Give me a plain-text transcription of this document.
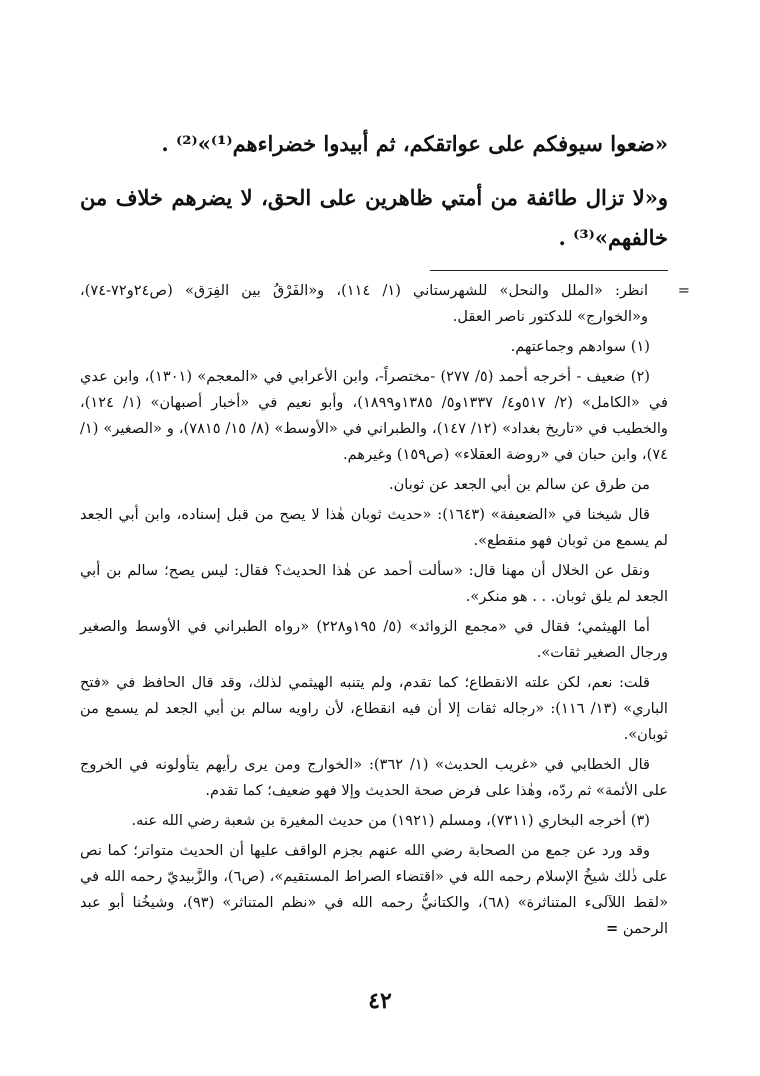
«ضعوا سيوفكم على عواتقكم، ثم أبيدوا خضراءهم⁽¹⁾»⁽²⁾ .

و«لا تزال طائفة من أمتي ظاهرين على الحق، لا يضرهم خلاف من خالفهم»⁽³⁾ .

=
انظر: «الملل والنحل» للشهرستاني (١/ ١١٤)، و«الفَرْقُ بين الفِرَق» (ص٢٤و٧٢-٧٤)، و«الخوارج» للدكتور ناصر العقل.

(١) سوادهم وجماعتهم.

(٢) ضعيف - أخرجه أحمد (٥/ ٢٧٧) -مختصراً-، وابن الأعرابي في «المعجم» (١٣٠١)، وابن عدي في «الكامل» (٢/ ٥١٧و٤/ ١٣٣٧و٥/ ١٣٨٥و١٨٩٩)، وأبو نعيم في «أخبار أصبهان» (١/ ١٢٤)، والخطيب في «تاريخ بغداد» (١٢/ ١٤٧)، والطبراني في «الأوسط» (٨/ ١٥/ ٧٨١٥)، و «الصغير» (١/ ٧٤)، وابن حبان في «روضة العقلاء» (ص١٥٩) وغيرهم.

من طرق عن سالم بن أبي الجعد عن ثوبان.

قال شيخنا في «الضعيفة» (١٦٤٣): «حديث ثوبان هٰذا لا يصح من قبل إسناده، وابن أبي الجعد لم يسمع من ثوبان فهو منقطع».

ونقل عن الخلال أن مهنا قال: «سألت أحمد عن هٰذا الحديث؟ فقال: ليس يصح؛ سالم بن أبي الجعد لم يلق ثوبان. . . هو منكر».

أما الهيثمي؛ فقال في «مجمع الزوائد» (٥/ ١٩٥و٢٢٨) «رواه الطبراني في الأوسط والصغير ورجال الصغير ثقات».

قلت: نعم، لكن علته الانقطاع؛ كما تقدم، ولم يتنبه الهيثمي لذلك، وقد قال الحافظ في «فتح الباري» (١٣/ ١١٦): «رجاله ثقات إلا أن فيه انقطاع، لأن راويه سالم بن أبي الجعد لم يسمع من ثوبان».

قال الخطابي في «غريب الحديث» (١/ ٣٦٢): «الخوارج ومن يرى رأيهم يتأولونه في الخروج على الأئمة» ثم ردّه، وهٰذا على فرض صحة الحديث وإلا فهو ضعيف؛ كما تقدم.

(٣) أخرجه البخاري (٧٣١١)، ومسلم (١٩٢١) من حديث المغيرة بن شعبة رضي الله عنه.

وقد ورد عن جمع من الصحابة رضي الله عنهم بجزم الواقف عليها أن الحديث متواتر؛ كما نص على ذٰلك شيخُ الإسلام رحمه الله في «اقتضاء الصراط المستقيم»، (ص٦)، والزَّبيديّ رحمه الله في «لقط اللآلىء المتناثرة» (٦٨)، والكتانيُّ رحمه الله في «نظم المتناثر» (٩٣)، وشيخُنا أبو عبد الرحمن =

٤٢
